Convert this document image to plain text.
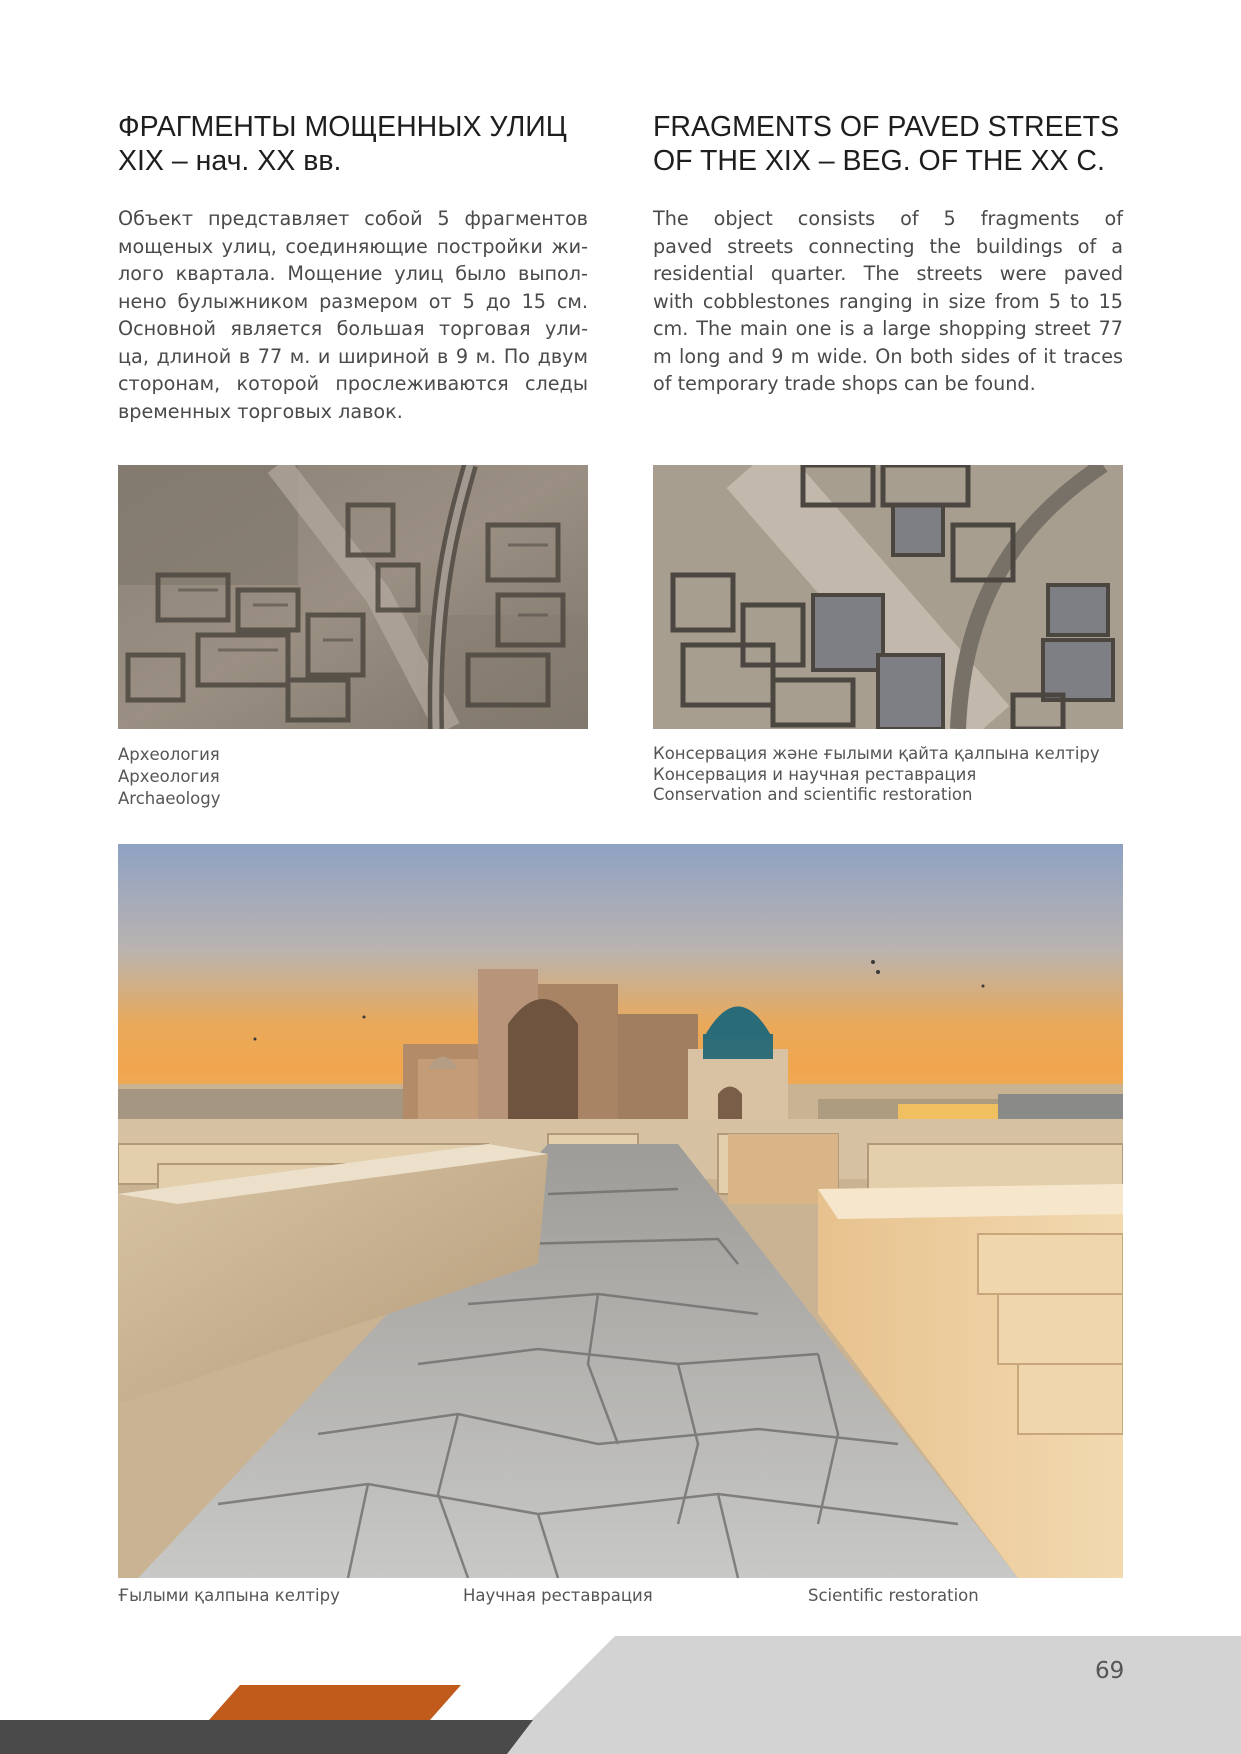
ФРАГМЕНТЫ МОЩЕННЫХ УЛИЦ
XIX – нач. XX вв.
FRAGMENTS OF PAVED STREETS
OF THE XIX – BEG. OF THE XX C.
Объект представляет собой 5 фрагментов
мощеных улиц, соединяющие постройки жи-
лого квартала. Мощение улиц было выпол-
нено булыжником размером от 5 до 15 см.
Основной является большая торговая ули-
ца, длиной в 77 м. и шириной в 9 м. По двум
сторонам, которой прослеживаются следы
временных торговых лавок.
The object consists of 5 fragments of
paved streets connecting the buildings of a
residential quarter. The streets were paved
with cobblestones ranging in size from 5 to 15
cm. The main one is a large shopping street 77
m long and 9 m wide. On both sides of it traces
of temporary trade shops can be found.
Археология
Археология
Archaeology
Консервация және ғылыми қайта қалпына келтіру
Консервация и научная реставрация
Conservation and scientific restoration
Ғылыми қалпына келтіру	Научная реставрация	Scientific restoration
69
